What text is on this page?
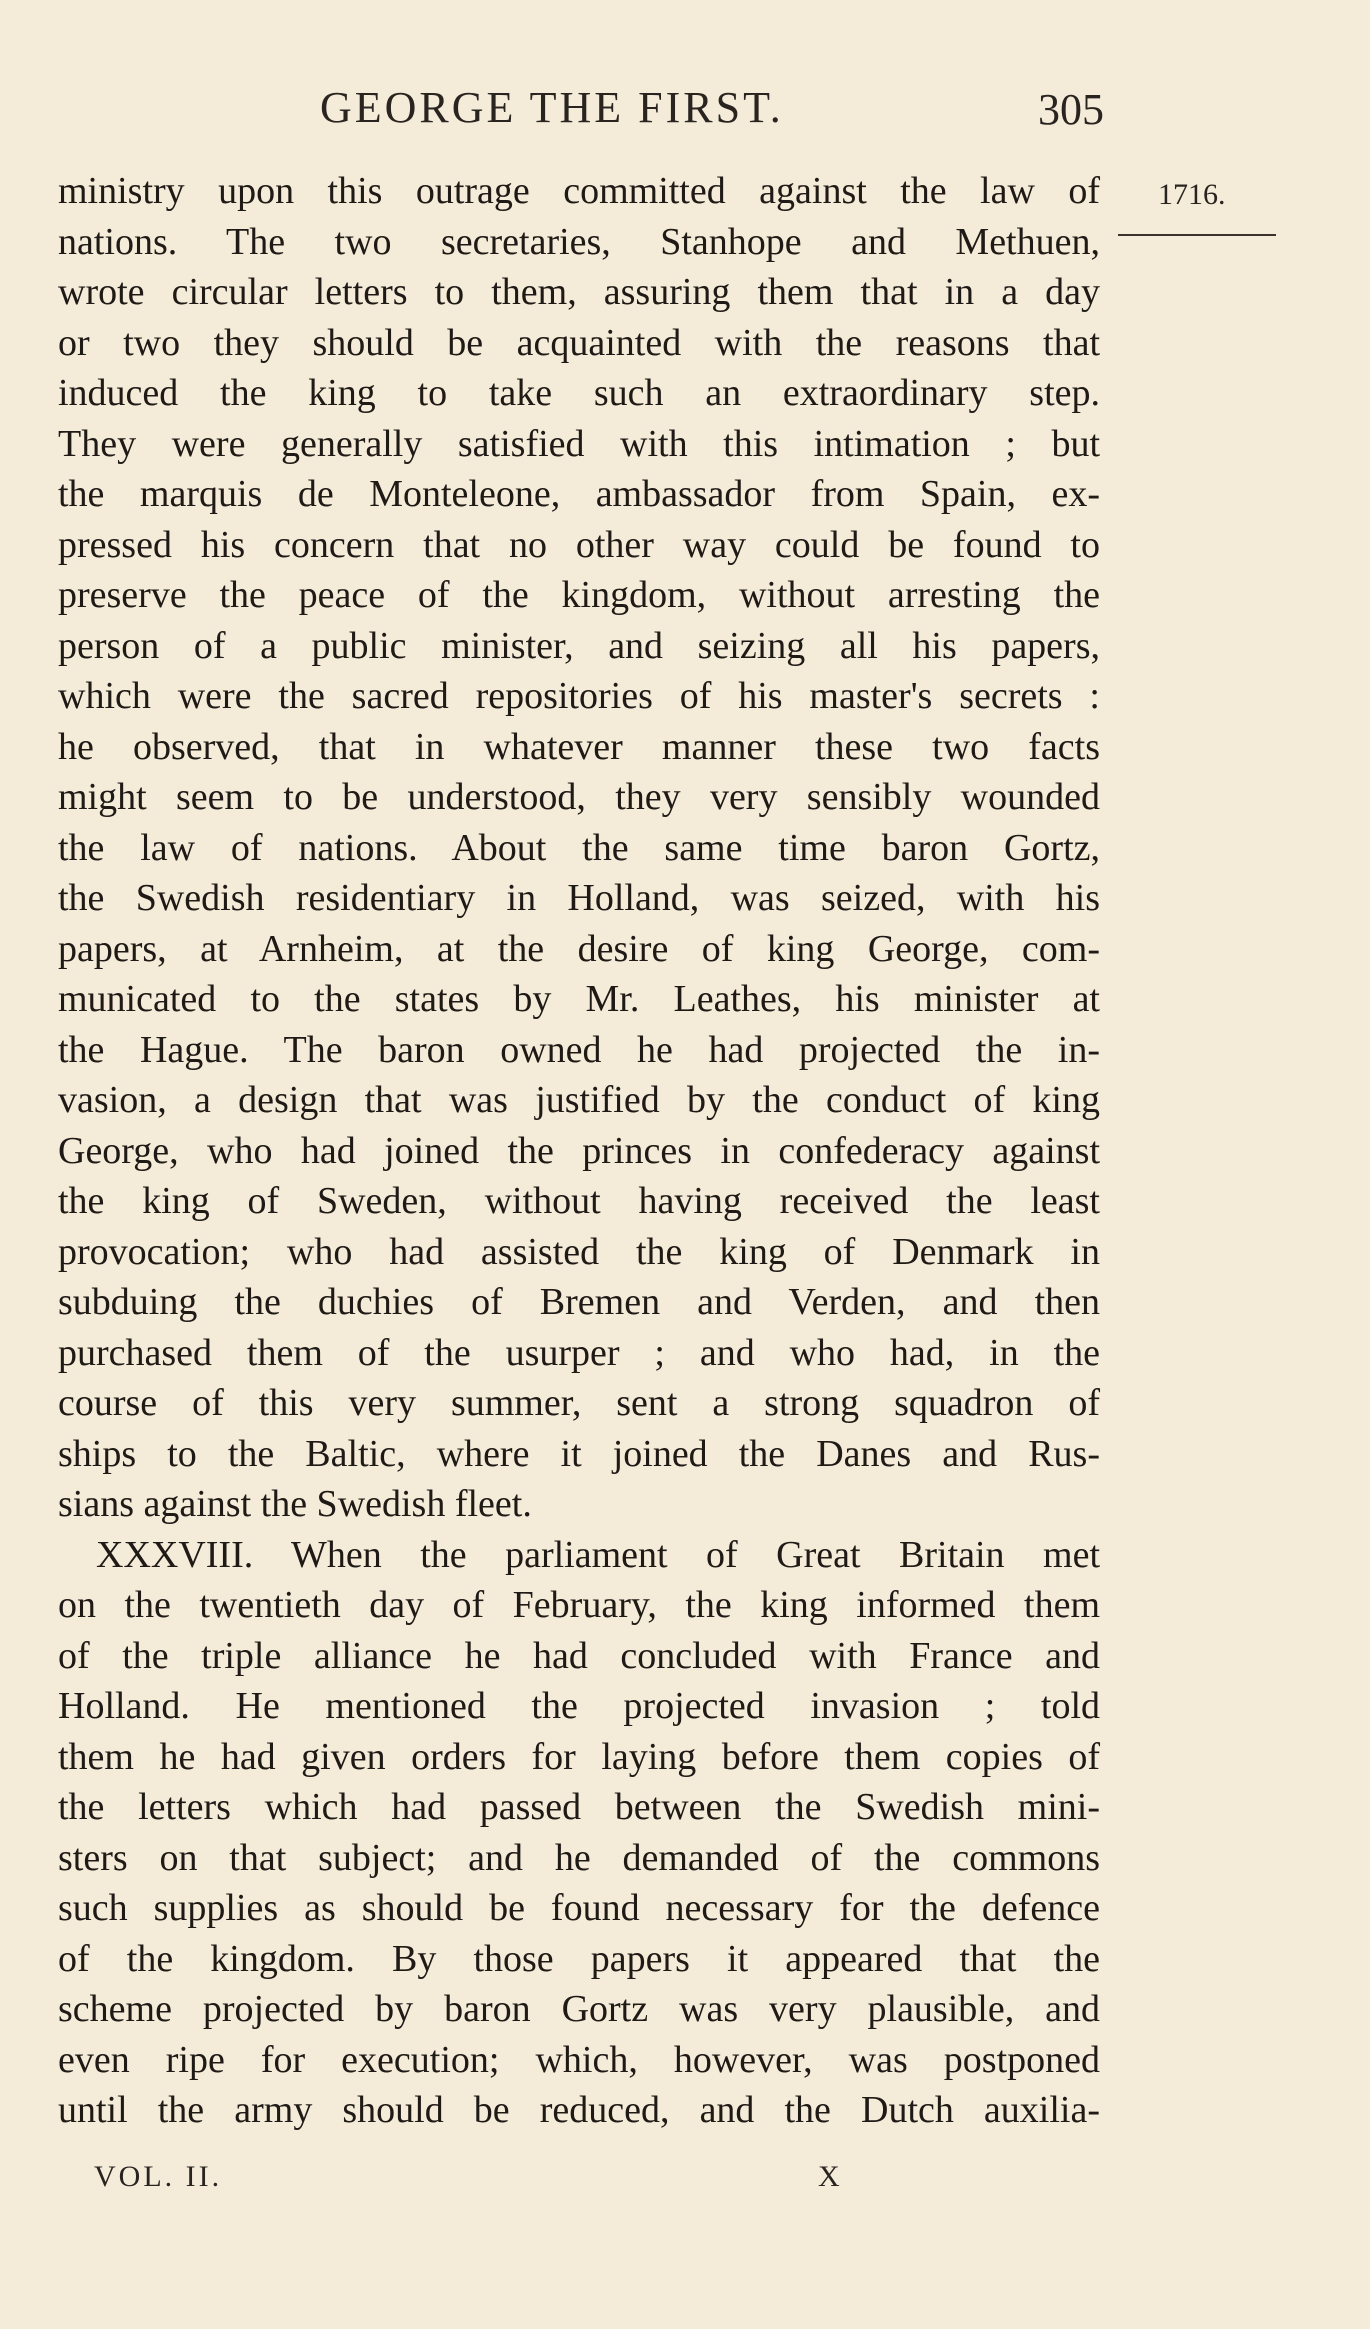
GEORGE THE FIRST.	305
1716.
ministry upon this outrage committed against the law of
nations. The two secretaries, Stanhope and Methuen,
wrote circular letters to them, assuring them that in a day
or two they should be acquainted with the reasons that
induced the king to take such an extraordinary step.
They were generally satisfied with this intimation ; but
the marquis de Monteleone, ambassador from Spain, ex-
pressed his concern that no other way could be found to
preserve the peace of the kingdom, without arresting the
person of a public minister, and seizing all his papers,
which were the sacred repositories of his master's secrets :
he observed, that in whatever manner these two facts
might seem to be understood, they very sensibly wounded
the law of nations. About the same time baron Gortz,
the Swedish residentiary in Holland, was seized, with his
papers, at Arnheim, at the desire of king George, com-
municated to the states by Mr. Leathes, his minister at
the Hague. The baron owned he had projected the in-
vasion, a design that was justified by the conduct of king
George, who had joined the princes in confederacy against
the king of Sweden, without having received the least
provocation; who had assisted the king of Denmark in
subduing the duchies of Bremen and Verden, and then
purchased them of the usurper ; and who had, in the
course of this very summer, sent a strong squadron of
ships to the Baltic, where it joined the Danes and Rus-
sians against the Swedish fleet.
XXXVIII. When the parliament of Great Britain met
on the twentieth day of February, the king informed them
of the triple alliance he had concluded with France and
Holland. He mentioned the projected invasion ; told
them he had given orders for laying before them copies of
the letters which had passed between the Swedish mini-
sters on that subject; and he demanded of the commons
such supplies as should be found necessary for the defence
of the kingdom. By those papers it appeared that the
scheme projected by baron Gortz was very plausible, and
even ripe for execution; which, however, was postponed
until the army should be reduced, and the Dutch auxilia-
VOL. II.	X
